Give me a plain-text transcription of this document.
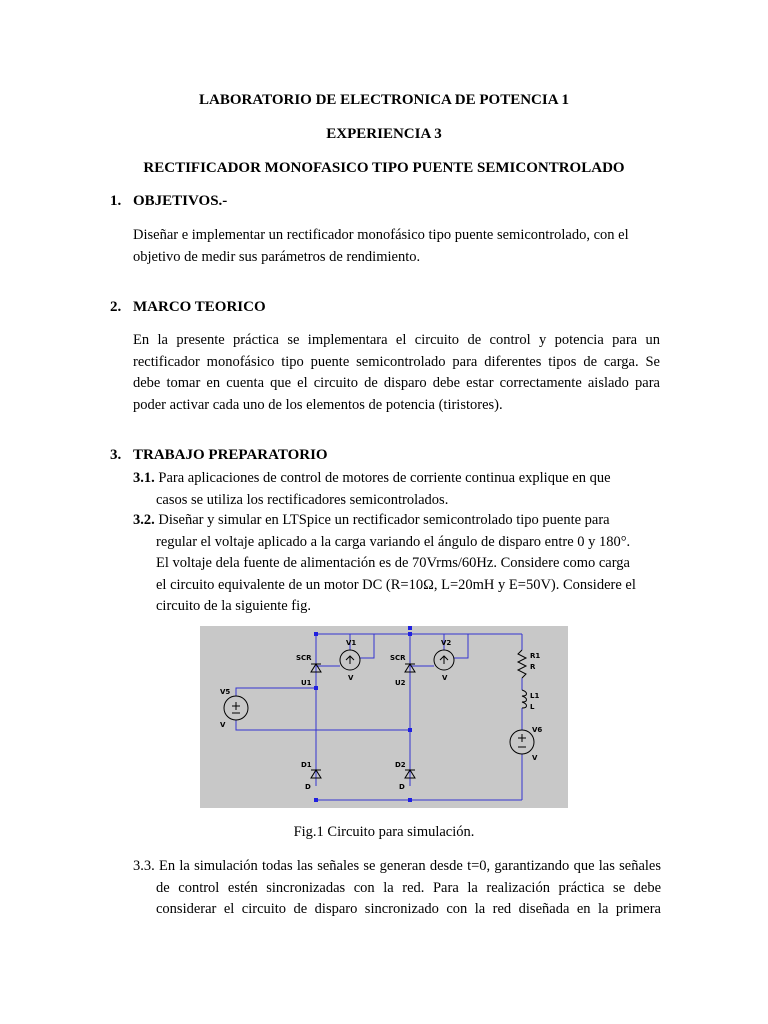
LABORATORIO DE ELECTRONICA DE POTENCIA 1
EXPERIENCIA 3
RECTIFICADOR MONOFASICO TIPO PUENTE SEMICONTROLADO
1. OBJETIVOS.-
Diseñar e implementar un rectificador monofásico tipo puente semicontrolado, con el
objetivo de medir sus parámetros de rendimiento.
2. MARCO TEORICO
En la presente práctica se implementara el circuito de control y potencia para un
rectificador monofásico tipo puente semicontrolado para diferentes tipos de carga. Se
debe tomar en cuenta que el circuito de disparo debe estar correctamente aislado para
poder activar cada uno de los elementos de potencia (tiristores).
3. TRABAJO PREPARATORIO
3.1. Para aplicaciones de control de motores de corriente continua explique en que
casos se utiliza los rectificadores semicontrolados.
3.2. Diseñar y simular en LTSpice un rectificador semicontrolado tipo puente para
regular el voltaje aplicado a la carga variando el ángulo de disparo entre 0 y 180°.
El voltaje dela fuente de alimentación es de 70Vrms/60Hz. Considere como carga
el circuito equivalente de un motor DC (R=10Ω, L=20mH y E=50V). Considere el
circuito de la siguiente fig.
V1	V2
V	V
SCR	SCR
U1	U2
V5
V
D1	D2
D	D
R1
R
L1
L
V6
V
Fig.1 Circuito para simulación.
3.3. En la simulación todas las señales se generan desde t=0, garantizando que las señales
de control estén sincronizadas con la red. Para la realización práctica se debe
considerar el circuito de disparo sincronizado con la red diseñada en la primera
